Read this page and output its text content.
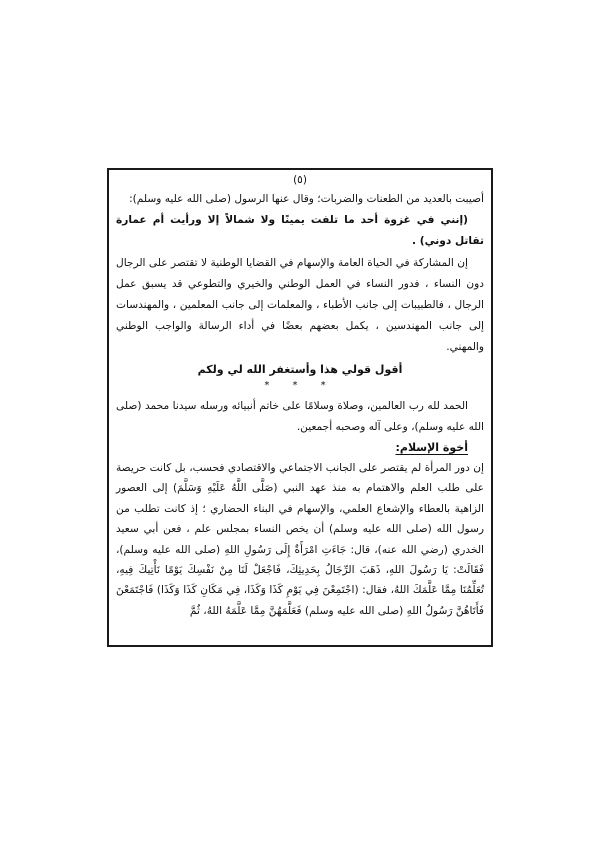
(٥)

أصيبت بالعديد من الطعنات والضربات؛ وقال عنها الرسول (صلى الله عليه وسلم):

(إنني في غزوة أحد ما تلفت يمينًا ولا شمالاً إلا ورأيت أم عمارة تقاتل دوني) .

إن المشاركة في الحياة العامة والإسهام في القضايا الوطنية لا تقتصر على الرجال دون النساء ، فدور النساء في العمل الوطني والخيري والتطوعي قد يسبق عمل الرجال ، فالطبيبات إلى جانب الأطباء ، والمعلمات إلى جانب المعلمين ، والمهندسات إلى جانب المهندسين ، يكمل بعضهم بعضًا في أداء الرسالة والواجب الوطني والمهني.

أقول قولي هذا وأستغفر الله لي ولكم
* * *

الحمد لله رب العالمين، وصلاة وسلامًا على خاتم أنبيائه ورسله سيدنا محمد (صلى الله عليه وسلم)، وعلى آله وصحبه أجمعين.

أخوة الإسلام:

إن دور المرأة لم يقتصر على الجانب الاجتماعي والاقتصادي فحسب، بل كانت حريصة على طلب العلم والاهتمام به منذ عهد النبي (صَلَّى اللَّهُ عَلَيْهِ وَسَلَّمَ) إلى العصور الزاهية بالعطاء والإشعاع العلمي، والإسهام في البناء الحضاري ؛ إذ كانت تطلب من رسول الله (صلى الله عليه وسلم) أن يخص النساء بمجلس علم ، فعن أبي سعيد الخدري (رضي الله عنه)، قال: جَاءَتِ امْرَأَةٌ إِلَى رَسُولِ اللهِ (صلى الله عليه وسلم)، فَقَالَتْ: يَا رَسُولَ اللهِ، ذَهَبَ الرِّجَالُ بِحَدِيثِكَ، فَاجْعَلْ لَنَا مِنْ نَفْسِكَ يَوْمًا نَأْتِيكَ فِيهِ، تُعَلِّمُنَا مِمَّا عَلَّمَكَ اللهُ، فقال: (اجْتَمِعْنَ فِي يَوْمِ كَذَا وَكَذَا، فِي مَكَانِ كَذَا وَكَذَا) فَاجْتَمَعْنَ فَأَتَاهُنَّ رَسُولُ اللهِ (صلى الله عليه وسلم) فَعَلَّمَهُنَّ مِمَّا عَلَّمَهُ اللهُ، ثُمَّ
